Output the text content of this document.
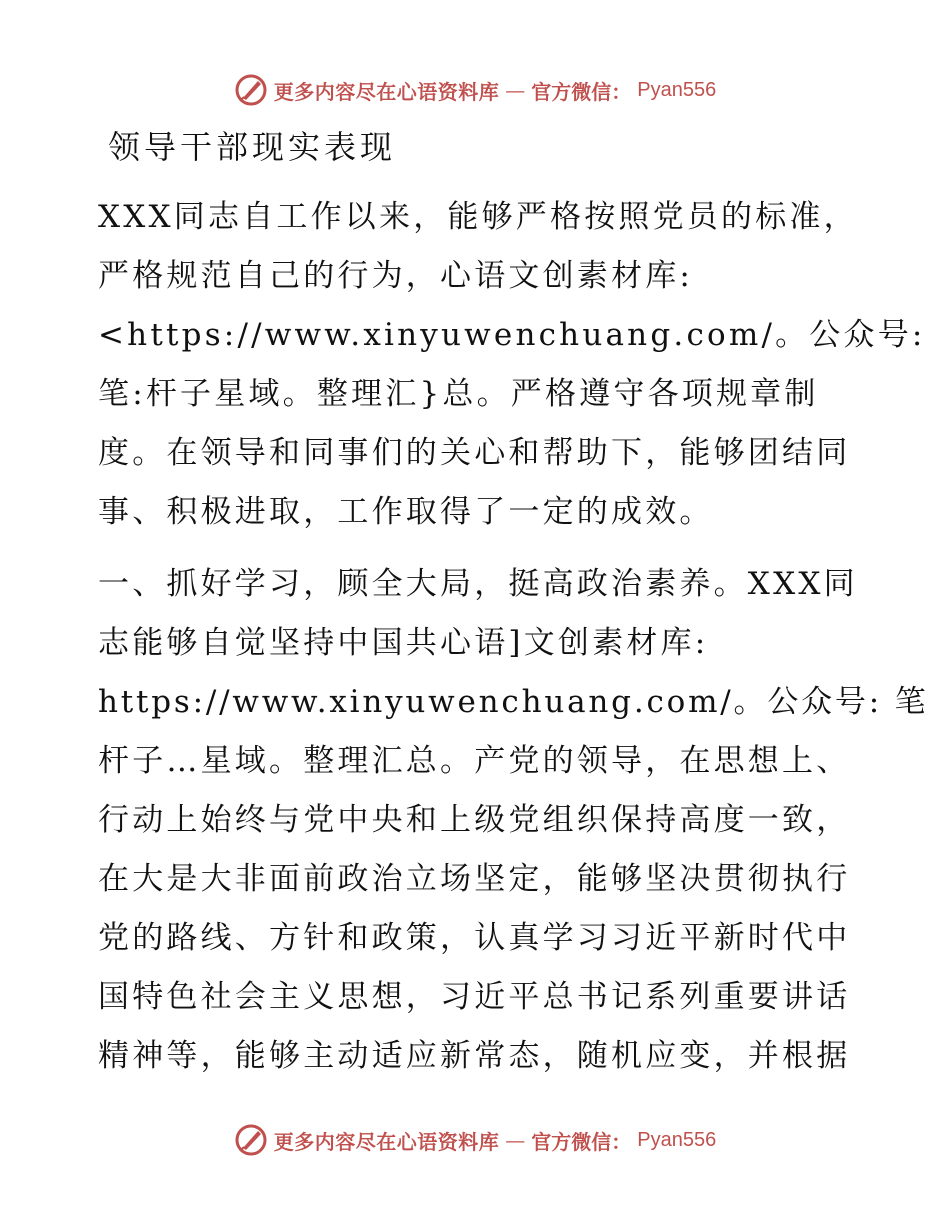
更多内容尽在心语资料库 — 官方微信： Pyan556
领导干部现实表现
XXX同志自工作以来，能够严格按照党员的标准，
严格规范自己的行为，心语文创素材库:
<https://www.xinyuwenchuang.com/。公众号:
笔:杆子星域。整理汇}总。严格遵守各项规章制
度。在领导和同事们的关心和帮助下，能够团结同
事、积极进取，工作取得了一定的成效。
一、抓好学习，顾全大局，挺高政治素养。XXX同
志能够自觉坚持中国共心语]文创素材库:
https://www.xinyuwenchuang.com/。公众号: 笔
杆子…星域。整理汇总。产党的领导，在思想上、
行动上始终与党中央和上级党组织保持高度一致，
在大是大非面前政治立场坚定，能够坚决贯彻执行
党的路线、方针和政策，认真学习习近平新时代中
国特色社会主义思想，习近平总书记系列重要讲话
精神等，能够主动适应新常态，随机应变，并根据
更多内容尽在心语资料库 — 官方微信： Pyan556
